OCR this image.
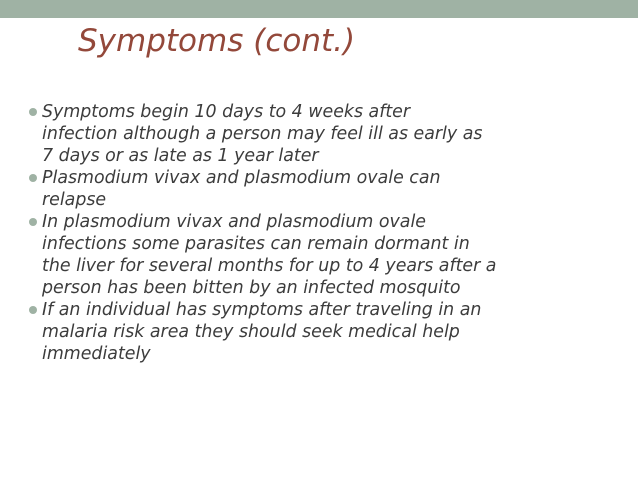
Symptoms (cont.)
Symptoms begin 10 days to 4 weeks after
infection although a person may feel ill as early as
7 days or as late as 1 year later
Plasmodium vivax and plasmodium ovale can
relapse
In plasmodium vivax and plasmodium ovale
infections some parasites can remain dormant in
the liver for several months for up to 4 years after a
person has been bitten by an infected mosquito
If an individual has symptoms after traveling in an
malaria risk area they should seek medical help
immediately
